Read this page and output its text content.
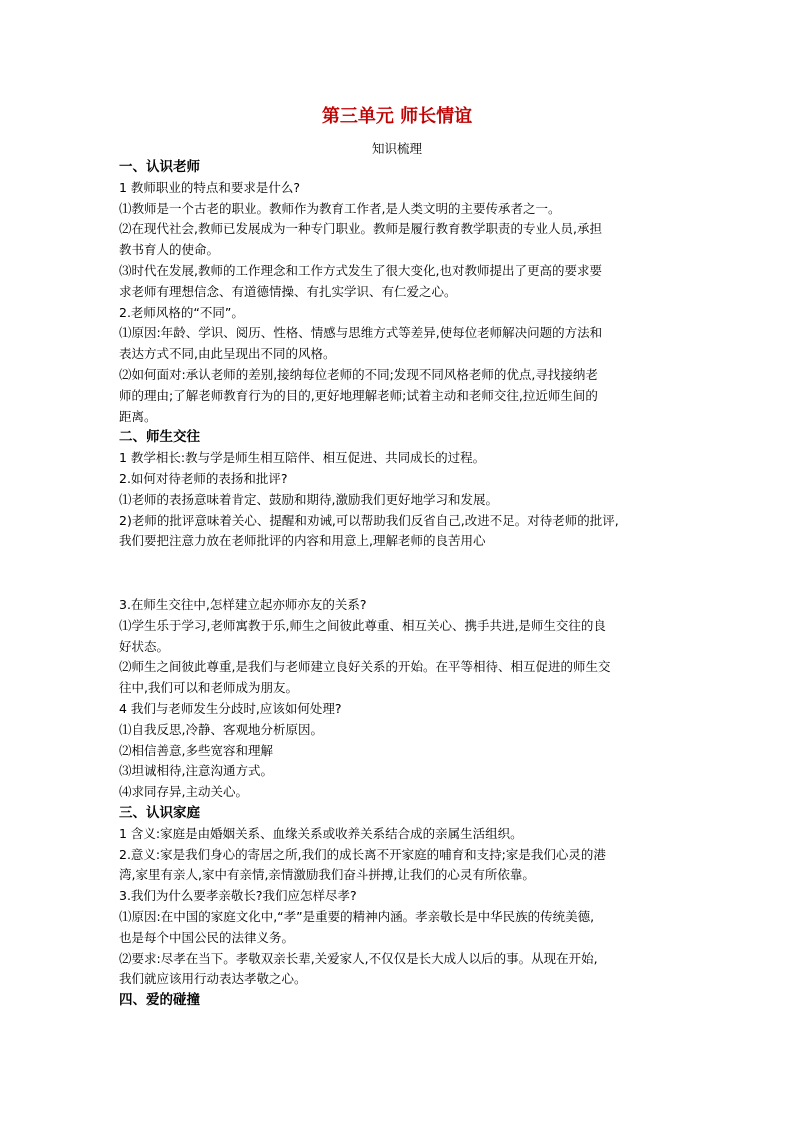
第三单元 师长情谊
知识梳理

一、认识老师

1 教师职业的特点和要求是什么?

⑴教师是一个古老的职业。教师作为教育工作者,是人类文明的主要传承者之一。

⑵在现代社会,教师已发展成为一种专门职业。教师是履行教育教学职责的专业人员,承担

教书育人的使命。

⑶时代在发展,教师的工作理念和工作方式发生了很大变化,也对教师提出了更高的要求要

求老师有理想信念、有道德情操、有扎实学识、有仁爱之心。

2.老师风格的“不同”。

⑴原因:年龄、学识、阅历、性格、情感与思维方式等差异,使每位老师解决问题的方法和

表达方式不同,由此呈现出不同的风格。

⑵如何面对:承认老师的差别,接纳每位老师的不同;发现不同风格老师的优点,寻找接纳老

师的理由;了解老师教育行为的目的,更好地理解老师;试着主动和老师交往,拉近师生间的

距离。

二、师生交往

1 教学相长:教与学是师生相互陪伴、相互促进、共同成长的过程。

2.如何对待老师的表扬和批评?

⑴老师的表扬意味着肯定、鼓励和期待,激励我们更好地学习和发展。

2)老师的批评意味着关心、提醒和劝诫,可以帮助我们反省自己,改进不足。对待老师的批评,

我们要把注意力放在老师批评的内容和用意上,理解老师的良苦用心

3.在师生交往中,怎样建立起亦师亦友的关系?

⑴学生乐于学习,老师寓教于乐,师生之间彼此尊重、相互关心、携手共进,是师生交往的良

好状态。

⑵师生之间彼此尊重,是我们与老师建立良好关系的开始。在平等相待、相互促进的师生交

往中,我们可以和老师成为朋友。

4 我们与老师发生分歧时,应该如何处理?

⑴自我反思,冷静、客观地分析原因。

⑵相信善意,多些宽容和理解

⑶坦诚相待,注意沟通方式。

⑷求同存异,主动关心。

三、认识家庭

1 含义:家庭是由婚姻关系、血缘关系或收养关系结合成的亲属生活组织。

2.意义:家是我们身心的寄居之所,我们的成长离不开家庭的哺育和支持;家是我们心灵的港

湾,家里有亲人,家中有亲情,亲情激励我们奋斗拼搏,让我们的心灵有所依靠。

3.我们为什么要孝亲敬长?我们应怎样尽孝?

⑴原因:在中国的家庭文化中,“孝”是重要的精神内涵。孝亲敬长是中华民族的传统美德,

也是每个中国公民的法律义务。

⑵要求:尽孝在当下。孝敬双亲长辈,关爱家人,不仅仅是长大成人以后的事。从现在开始,

我们就应该用行动表达孝敬之心。

四、爱的碰撞
